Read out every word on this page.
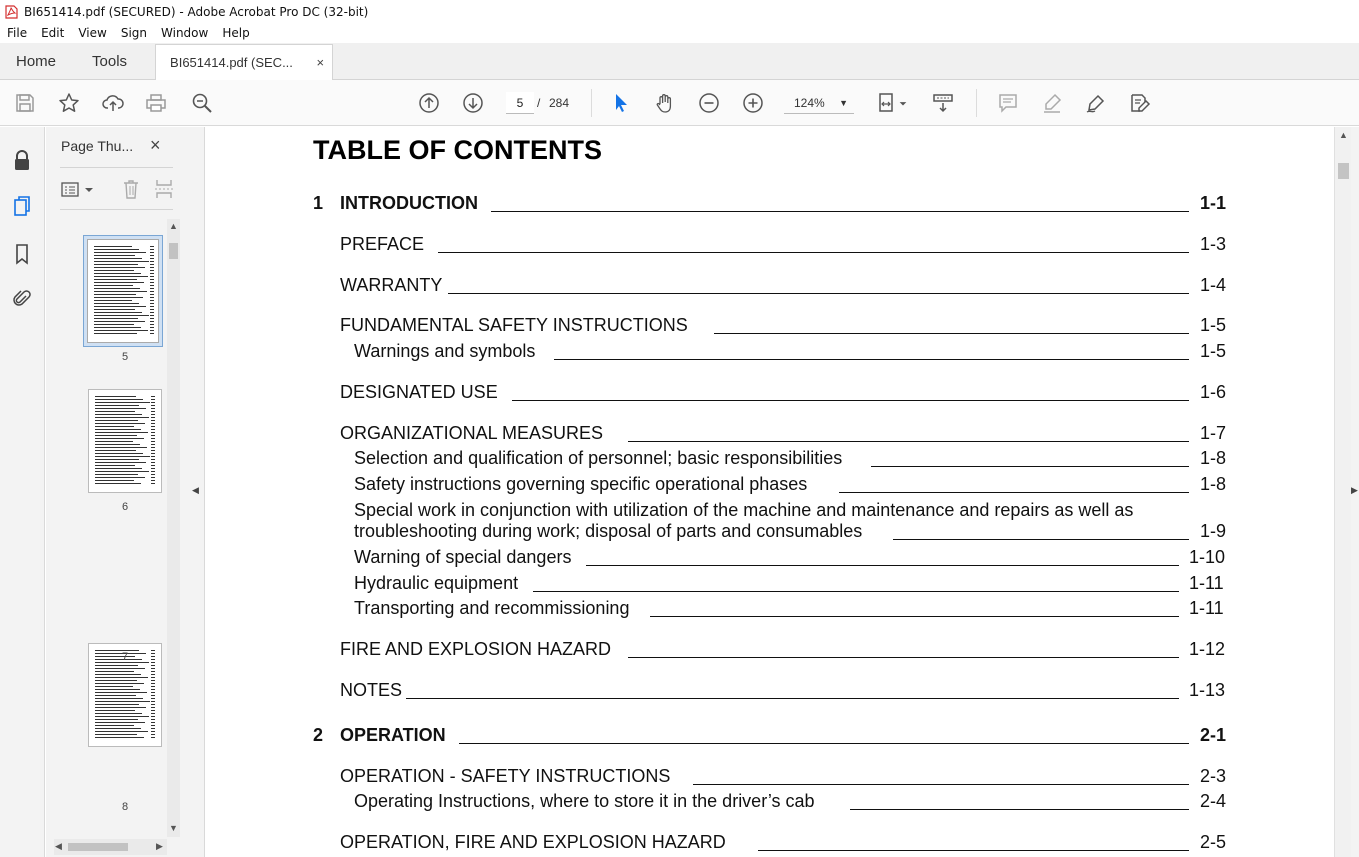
BI651414.pdf (SECURED) - Adobe Acrobat Pro DC (32-bit)
File	Edit	View	Sign	Window	Help
Home	Tools	BI651414.pdf (SEC... ×
5	/ 284	124% ▼
Page Thu... ×
5
6
7
8
▲
▼
◀	▶
◀
TABLE OF CONTENTS
1 INTRODUCTION	1-1
PREFACE	1-3
WARRANTY	1-4
FUNDAMENTAL SAFETY INSTRUCTIONS	1-5
Warnings and symbols	1-5
DESIGNATED USE	1-6
ORGANIZATIONAL MEASURES	1-7
Selection and qualification of personnel; basic responsibilities	1-8
Safety instructions governing specific operational phases	1-8
Special work in conjunction with utilization of the machine and maintenance and repairs as well as
troubleshooting during work; disposal of parts and consumables	1-9
Warning of special dangers	1-10
Hydraulic equipment	1-11
Transporting and recommissioning	1-11
FIRE AND EXPLOSION HAZARD	1-12
NOTES	1-13
2 OPERATION	2-1
OPERATION - SAFETY INSTRUCTIONS	2-3
Operating Instructions, where to store it in the driver’s cab	2-4
OPERATION, FIRE AND EXPLOSION HAZARD	2-5
▲
▶
